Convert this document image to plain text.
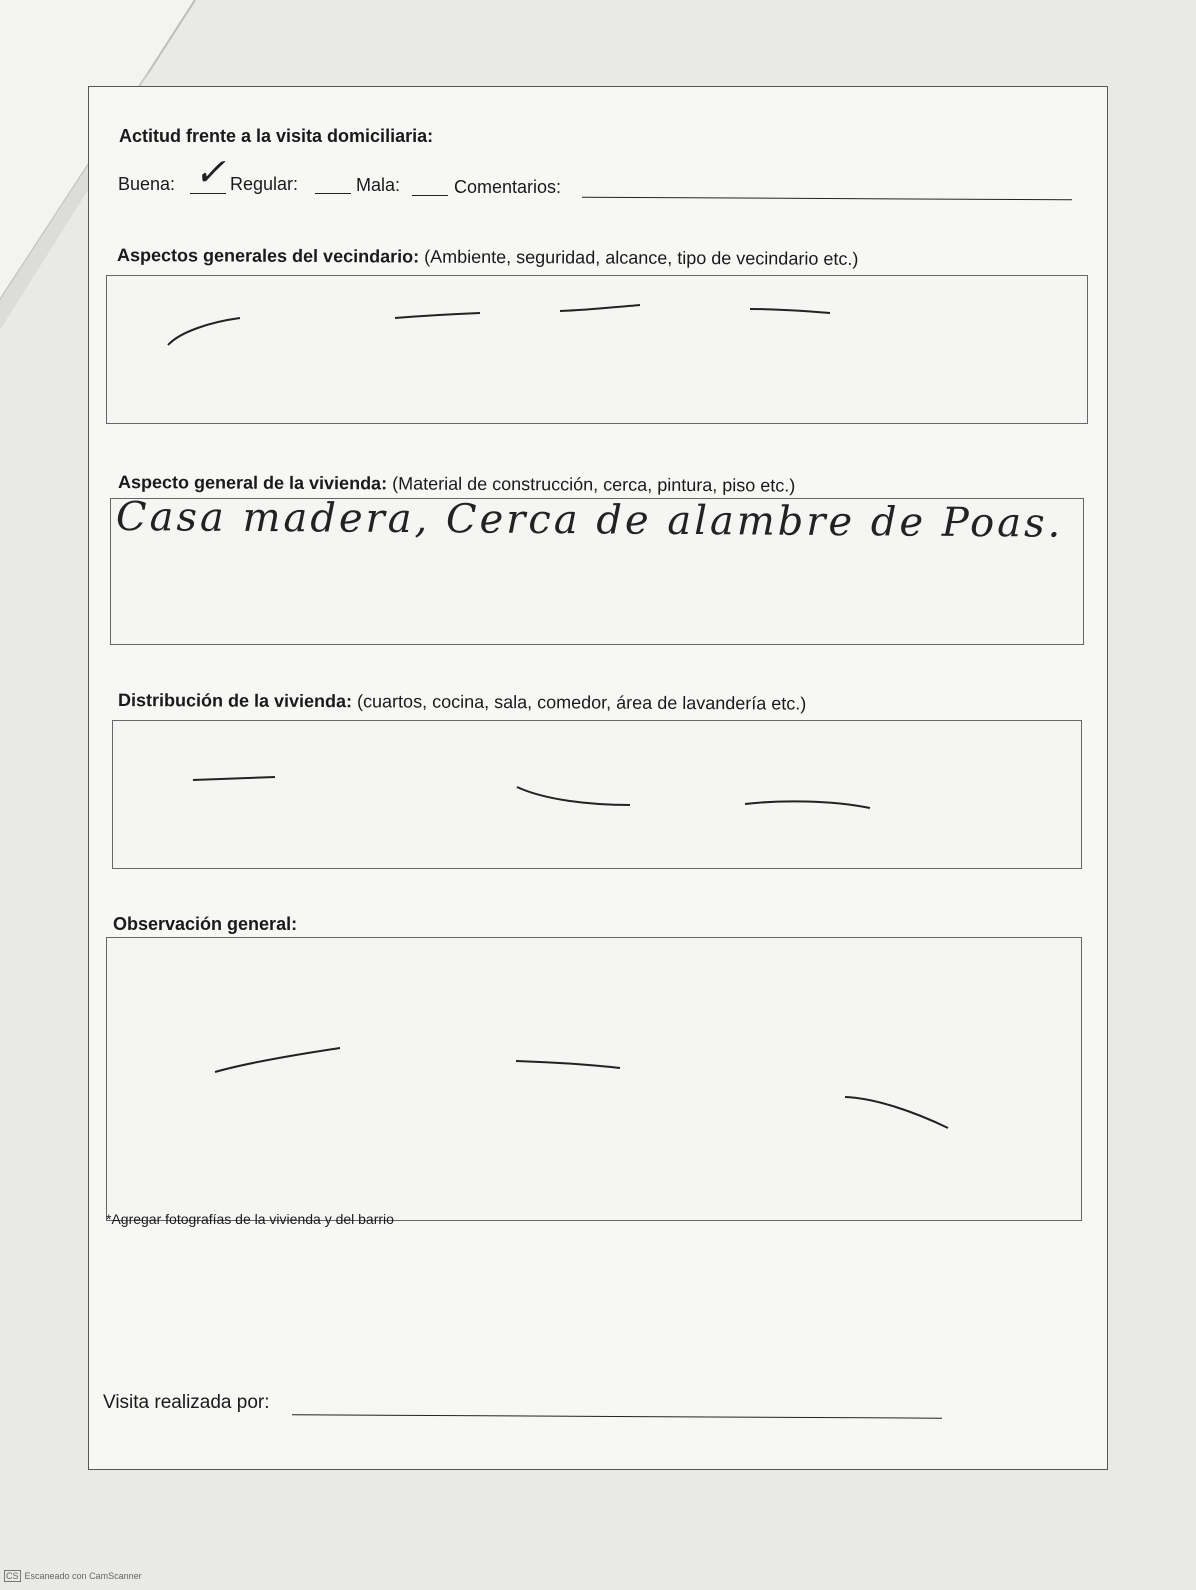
Actitud frente a la visita domiciliaria:
Buena: ✓ Regular:	Mala:	Comentarios:
Aspectos generales del vecindario: (Ambiente, seguridad, alcance, tipo de vecindario etc.)
Aspecto general de la vivienda: (Material de construcción, cerca, pintura, piso etc.)
Casa madera, Cerca de alambre de Poas.
Distribución de la vivienda: (cuartos, cocina, sala, comedor, área de lavandería etc.)
Observación general:
*Agregar fotografías de la vivienda y del barrio
Visita realizada por:
CS Escaneado con CamScanner
